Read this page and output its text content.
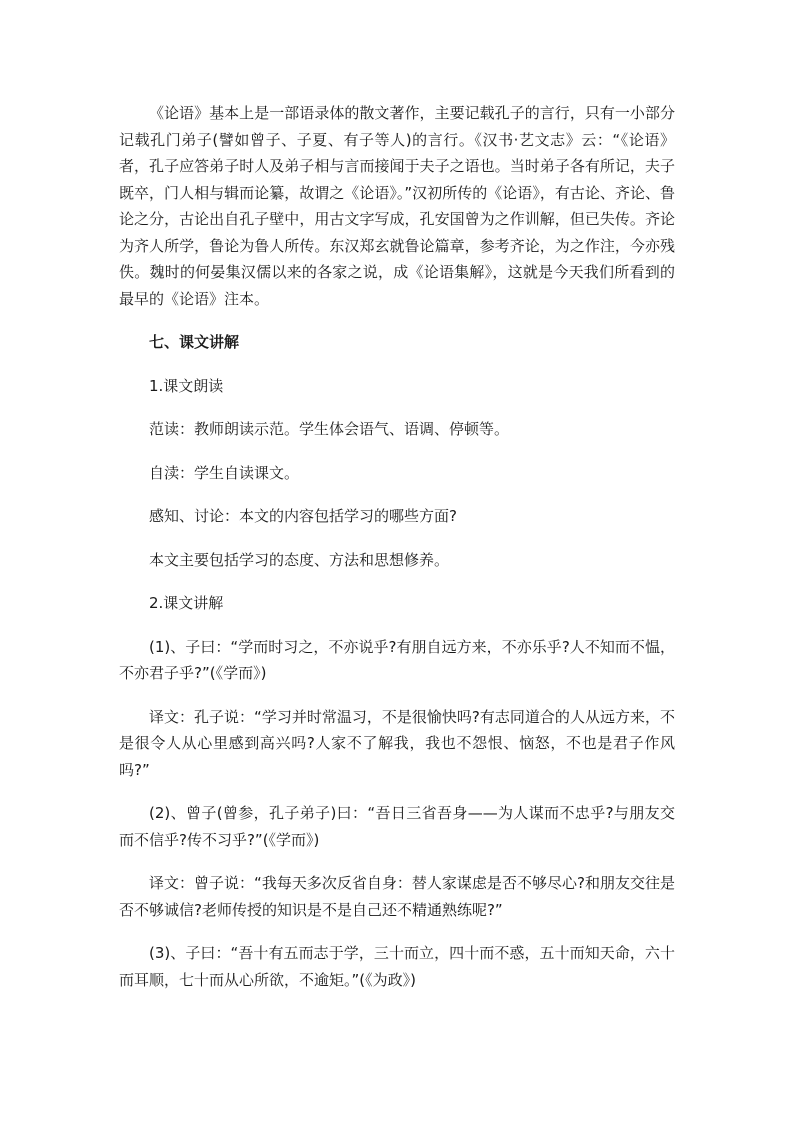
《论语》基本上是一部语录体的散文著作，主要记载孔子的言行，只有一小部分记载孔门弟子(譬如曾子、子夏、有子等人)的言行。《汉书·艺文志》云：“《论语》者，孔子应答弟子时人及弟子相与言而接闻于夫子之语也。当时弟子各有所记，夫子既卒，门人相与辑而论纂，故谓之《论语》。”汉初所传的《论语》，有古论、齐论、鲁论之分，古论出自孔子壁中，用古文字写成，孔安国曾为之作训解，但已失传。齐论为齐人所学，鲁论为鲁人所传。东汉郑玄就鲁论篇章，参考齐论，为之作注，今亦残佚。魏时的何晏集汉儒以来的各家之说，成《论语集解》，这就是今天我们所看到的最早的《论语》注本。

七、课文讲解

1.课文朗读

范读：教师朗读示范。学生体会语气、语调、停顿等。

自渎：学生自读课文。

感知、讨论：本文的内容包括学习的哪些方面?

本文主要包括学习的态度、方法和思想修养。

2.课文讲解

(1)、子曰：“学而时习之，不亦说乎?有朋自远方来，不亦乐乎?人不知而不愠，不亦君子乎?”(《学而》)

译文：孔子说：“学习并时常温习，不是很愉快吗?有志同道合的人从远方来，不是很令人从心里感到高兴吗?人家不了解我，我也不怨恨、恼怒，不也是君子作风吗?”

(2)、曾子(曾参，孔子弟子)曰：“吾日三省吾身——为人谋而不忠乎?与朋友交而不信乎?传不习乎?”(《学而》)

译文：曾子说：“我每天多次反省自身：替人家谋虑是否不够尽心?和朋友交往是否不够诚信?老师传授的知识是不是自己还不精通熟练呢?”

(3)、子曰：“吾十有五而志于学，三十而立，四十而不惑，五十而知天命，六十而耳顺，七十而从心所欲，不逾矩。”(《为政》)
